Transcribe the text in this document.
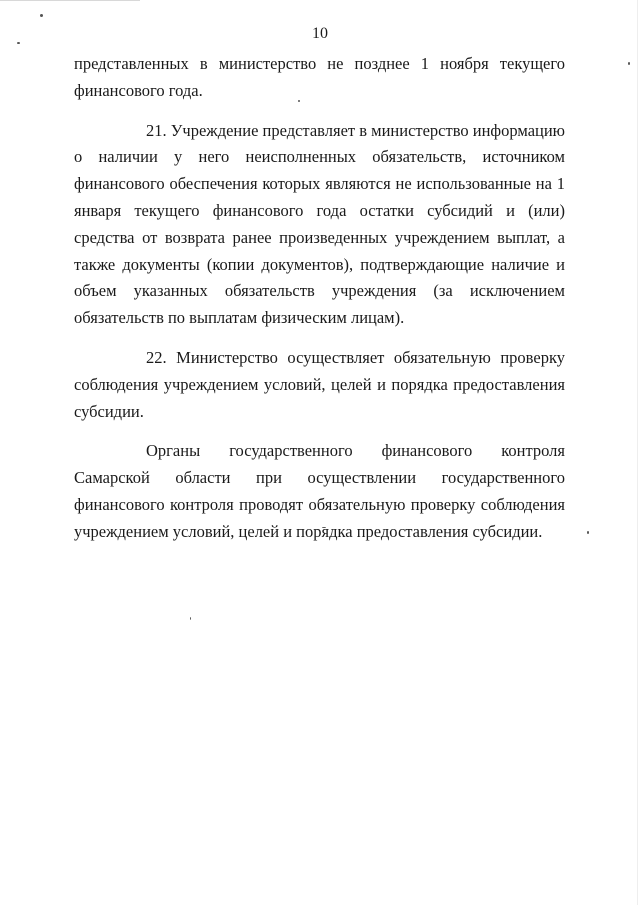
10

представленных в министерство не позднее 1 ноября текущего финансового года.

21. Учреждение представляет в министерство информацию о наличии у него неисполненных обязательств, источником финансового обеспечения которых являются не использованные на 1 января текущего финансового года остатки субсидий и (или) средства от возврата ранее произведенных учреждением выплат, а также документы (копии документов), подтверждающие наличие и объем указанных обязательств учреждения (за исключением обязательств по выплатам физическим лицам).

22. Министерство осуществляет обязательную проверку соблюдения учреждением условий, целей и порядка предоставления субсидии.

Органы государственного финансового контроля Самарской области при осуществлении государственного финансового контроля проводят обязательную проверку соблюдения учреждением условий, целей и порядка предоставления субсидии.
